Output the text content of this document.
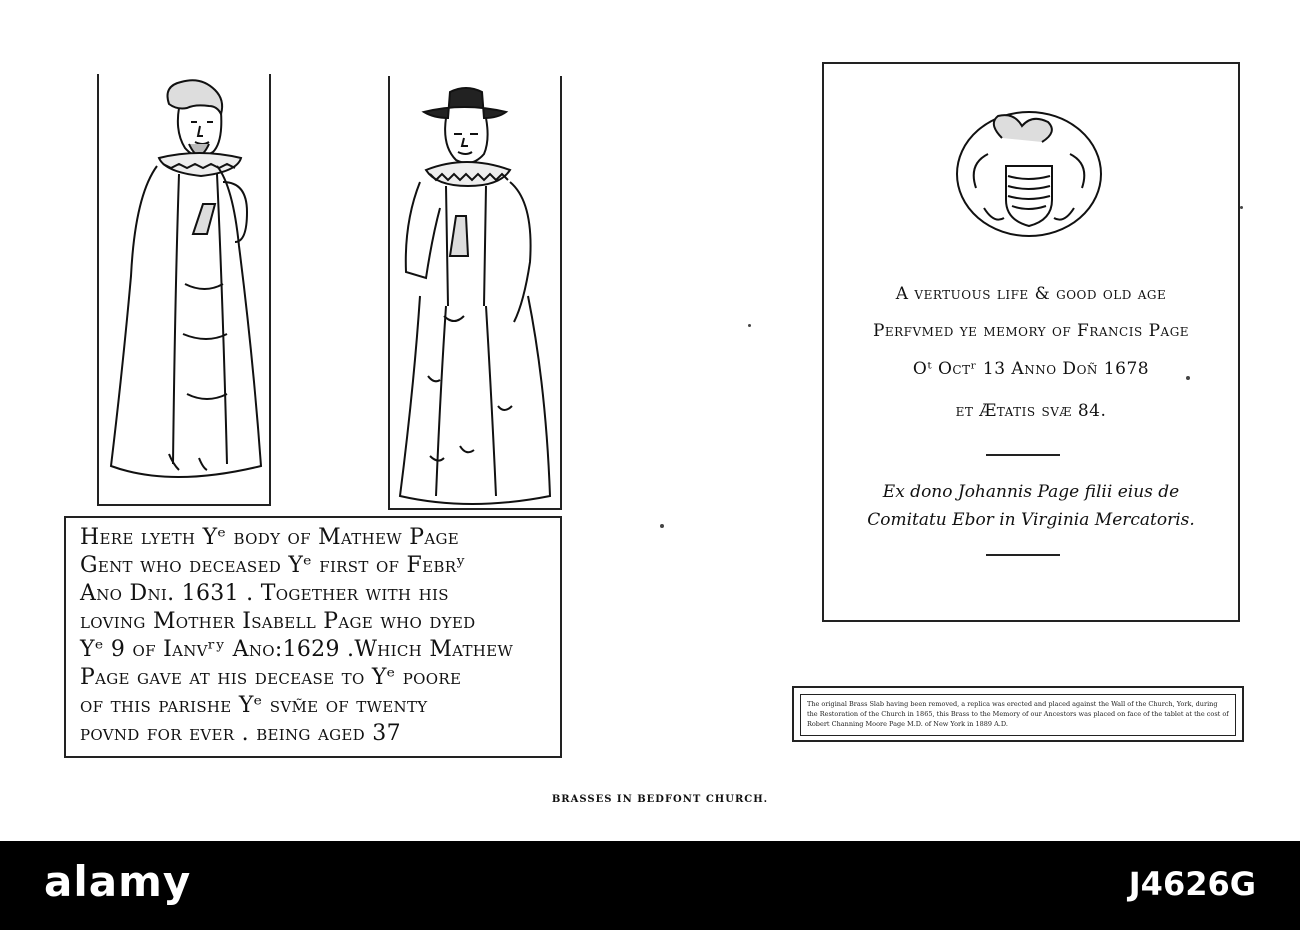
Here lyeth Yᵉ body of Mathew Page
Gent who deceased Yᵉ first of Febrʸ
Ano Dni. 1631 . Together with his
loving Mother Isabell Page who dyed
Yᵉ 9 of Ianvʳʸ Ano:1629 .Which Mathew
Page gave at his decease to Yᵉ poore
of this parishe Yᵉ svm̃e of twenty
povnd for ever . being aged 37
A vertuous life & good old age
Perfvmed ye memory of Francis Page
Oᵗ Octʳ 13 Anno Doñ 1678
et Ætatis svæ 84.
Ex dono Johannis Page filii eius de
Comitatu Ebor in Virginia Mercatoris.
The original Brass Slab having been removed, a replica was erected and placed against the Wall of the Church, York, during the Restoration of the Church in 1865, this Brass to the Memory of our Ancestors was placed on face of the tablet at the cost of Robert Channing Moore Page M.D. of New York in 1889 A.D.
BRASSES IN BEDFONT CHURCH.
alamy	J4626G
